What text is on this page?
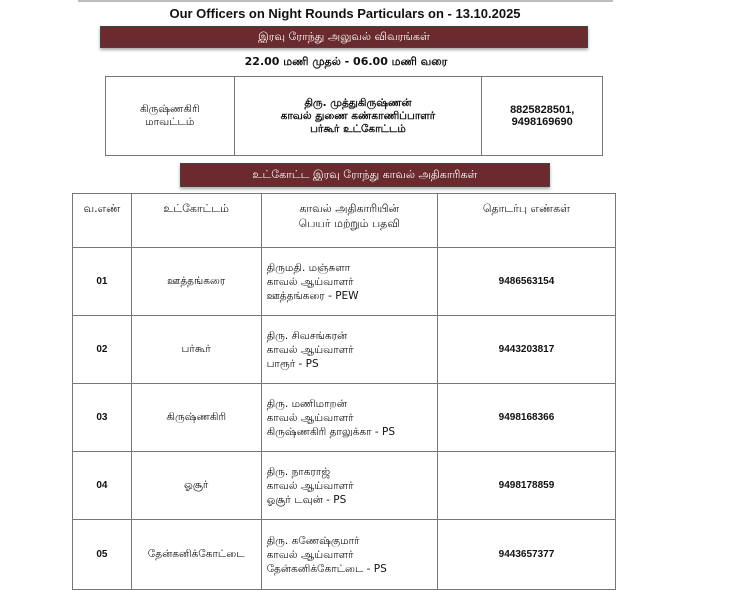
Our Officers on Night Rounds Particulars on - 13.10.2025
இரவு ரோந்து அலுவல் விவரங்கள்
22.00 மணி முதல் - 06.00 மணி வரை
கிருஷ்ணகிரி
மாவட்டம்

திரு. முத்துகிருஷ்ணன்
காவல் துணை கண்காணிப்பாளர்
பர்கூர் உட்கோட்டம்

8825828501,
9498169690
உட்கோட்ட இரவு ரோந்து காவல் அதிகாரிகள்
வ.எண்	உட்கோட்டம்	காவல் அதிகாரியின்
பெயர் மற்றும் பதவி	தொடர்பு எண்கள்
01	ஊத்தங்கரை	திருமதி. மஞ்சுளா
காவல் ஆய்வாளர்
ஊத்தங்கரை - PEW	9486563154
02	பர்கூர்	திரு. சிவசங்கரன்
காவல் ஆய்வாளர்
பாரூர் - PS	9443203817
03	கிருஷ்ணகிரி	திரு. மணிமாறன்
காவல் ஆய்வாளர்
கிருஷ்ணகிரி தாலுக்கா - PS	9498168366
04	ஓசூர்	திரு. நாகராஜ்
காவல் ஆய்வாளர்
ஓசூர் டவுன் - PS	9498178859
05	தேன்கனிக்கோட்டை	திரு. கணேஷ்குமார்
காவல் ஆய்வாளர்
தேன்கனிக்கோட்டை - PS	9443657377
